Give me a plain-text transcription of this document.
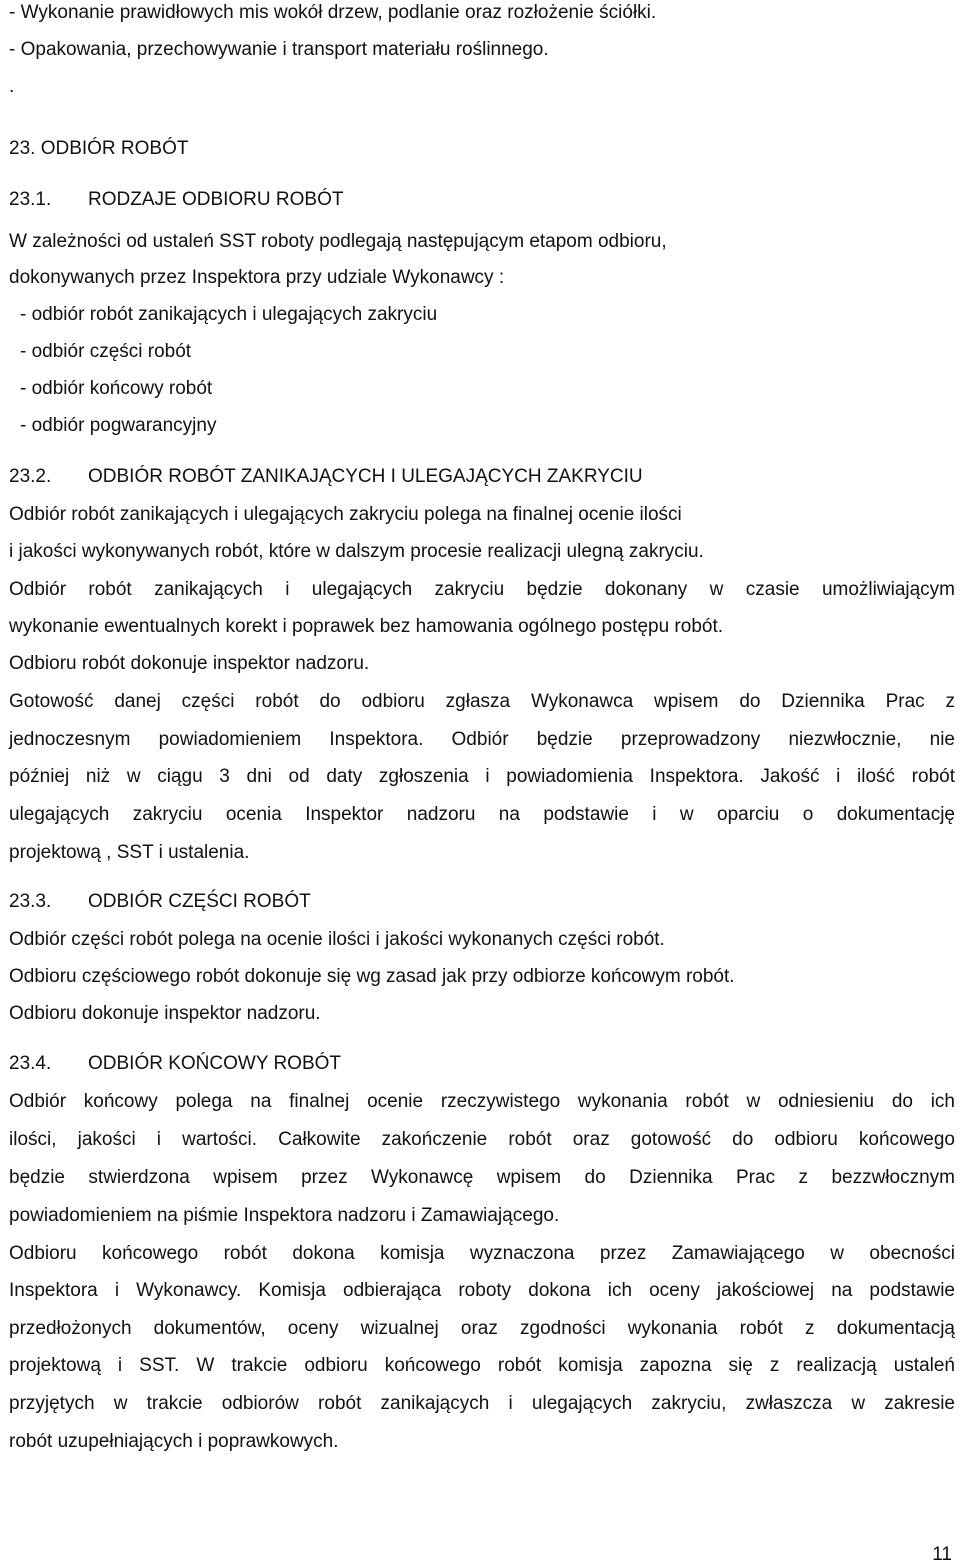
- Wykonanie prawidłowych mis wokół drzew, podlanie oraz rozłożenie ściółki.
- Opakowania, przechowywanie i transport materiału roślinnego.
.
23. ODBIÓR ROBÓT
23.1. RODZAJE ODBIORU ROBÓT
W zależności od ustaleń SST roboty podlegają następującym etapom odbioru,
dokonywanych przez Inspektora przy udziale Wykonawcy :
- odbiór robót zanikających i ulegających zakryciu
- odbiór części robót
- odbiór końcowy robót
- odbiór pogwarancyjny
23.2. ODBIÓR ROBÓT ZANIKAJĄCYCH I ULEGAJĄCYCH ZAKRYCIU
Odbiór robót zanikających i ulegających zakryciu polega na finalnej ocenie ilości
i jakości wykonywanych robót, które w dalszym procesie realizacji ulegną zakryciu.
Odbiór robót zanikających i ulegających zakryciu będzie dokonany w czasie umożliwiającym
wykonanie ewentualnych korekt i poprawek bez hamowania ogólnego postępu robót.
Odbioru robót dokonuje inspektor nadzoru.
Gotowość danej części robót do odbioru zgłasza Wykonawca wpisem do Dziennika Prac z
jednoczesnym powiadomieniem Inspektora. Odbiór będzie przeprowadzony niezwłocznie, nie
później niż w ciągu 3 dni od daty zgłoszenia i powiadomienia Inspektora. Jakość i ilość robót
ulegających zakryciu ocenia Inspektor nadzoru na podstawie i w oparciu o dokumentację
projektową , SST i ustalenia.
23.3. ODBIÓR CZĘŚCI ROBÓT
Odbiór części robót polega na ocenie ilości i jakości wykonanych części robót.
Odbioru częściowego robót dokonuje się wg zasad jak przy odbiorze końcowym robót.
Odbioru dokonuje inspektor nadzoru.
23.4. ODBIÓR KOŃCOWY ROBÓT
Odbiór końcowy polega na finalnej ocenie rzeczywistego wykonania robót w odniesieniu do ich
ilości, jakości i wartości. Całkowite zakończenie robót oraz gotowość do odbioru końcowego
będzie stwierdzona wpisem przez Wykonawcę wpisem do Dziennika Prac z bezzwłocznym
powiadomieniem na piśmie Inspektora nadzoru i Zamawiającego.
Odbioru końcowego robót dokona komisja wyznaczona przez Zamawiającego w obecności
Inspektora i Wykonawcy. Komisja odbierająca roboty dokona ich oceny jakościowej na podstawie
przedłożonych dokumentów, oceny wizualnej oraz zgodności wykonania robót z dokumentacją
projektową i SST. W trakcie odbioru końcowego robót komisja zapozna się z realizacją ustaleń
przyjętych w trakcie odbiorów robót zanikających i ulegających zakryciu, zwłaszcza w zakresie
robót uzupełniających i poprawkowych.
11
